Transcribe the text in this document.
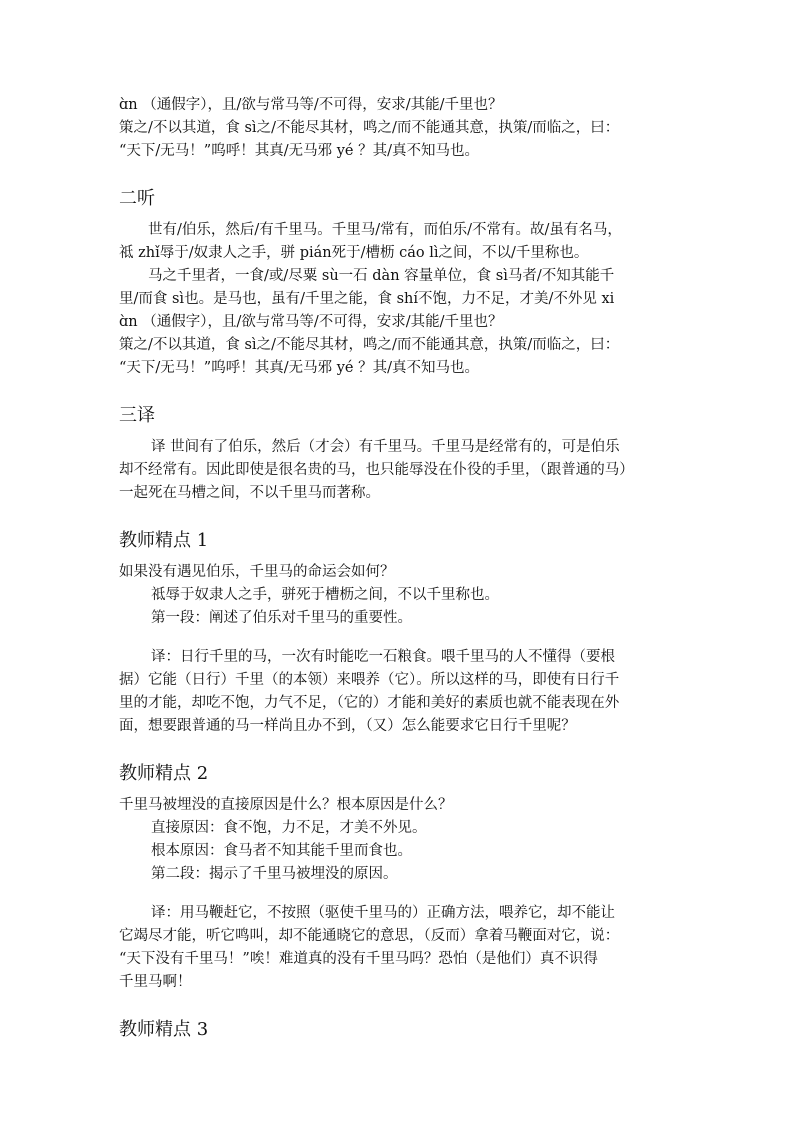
ɑ̀n （通假字），且/欲与常马等/不可得，安求/其能/千里也？
策之/不以其道，食 sì之/不能尽其材，鸣之/而不能通其意，执策/而临之，曰：
“天下/无马！”呜呼！其真/无马邪 yé ？其/真不知马也。
二听
世有/伯乐，然后/有千里马。千里马/常有，而伯乐/不常有。故/虽有名马，
祗 zhǐ辱于/奴隶人之手，骈 pián死于/槽枥 cáo lì之间，不以/千里称也。
马之千里者，一食/或/尽粟 sù一石 dàn 容量单位，食 sì马者/不知其能千
里/而食 sì也。是马也，虽有/千里之能，食 shí不饱，力不足，才美/不外见 xi
ɑ̀n （通假字），且/欲与常马等/不可得，安求/其能/千里也？
策之/不以其道，食 sì之/不能尽其材，鸣之/而不能通其意，执策/而临之，曰：
“天下/无马！”呜呼！其真/无马邪 yé ？其/真不知马也。
三译
译 世间有了伯乐，然后（才会）有千里马。千里马是经常有的，可是伯乐
却不经常有。因此即使是很名贵的马，也只能辱没在仆役的手里，（跟普通的马）
一起死在马槽之间，不以千里马而著称。
教师精点 1
如果没有遇见伯乐，千里马的命运会如何？
祗辱于奴隶人之手，骈死于槽枥之间，不以千里称也。
第一段：阐述了伯乐对千里马的重要性。
译：日行千里的马，一次有时能吃一石粮食。喂千里马的人不懂得（要根
据）它能（日行）千里（的本领）来喂养（它）。所以这样的马，即使有日行千
里的才能，却吃不饱，力气不足，（它的）才能和美好的素质也就不能表现在外
面，想要跟普通的马一样尚且办不到，（又）怎么能要求它日行千里呢？
教师精点 2
千里马被埋没的直接原因是什么？根本原因是什么？
直接原因：食不饱，力不足，才美不外见。
根本原因：食马者不知其能千里而食也。
第二段：揭示了千里马被埋没的原因。
译：用马鞭赶它，不按照（驱使千里马的）正确方法，喂养它，却不能让
它竭尽才能，听它鸣叫，却不能通晓它的意思，（反而）拿着马鞭面对它，说：
“天下没有千里马！”唉！难道真的没有千里马吗？恐怕（是他们）真不识得
千里马啊！
教师精点 3
